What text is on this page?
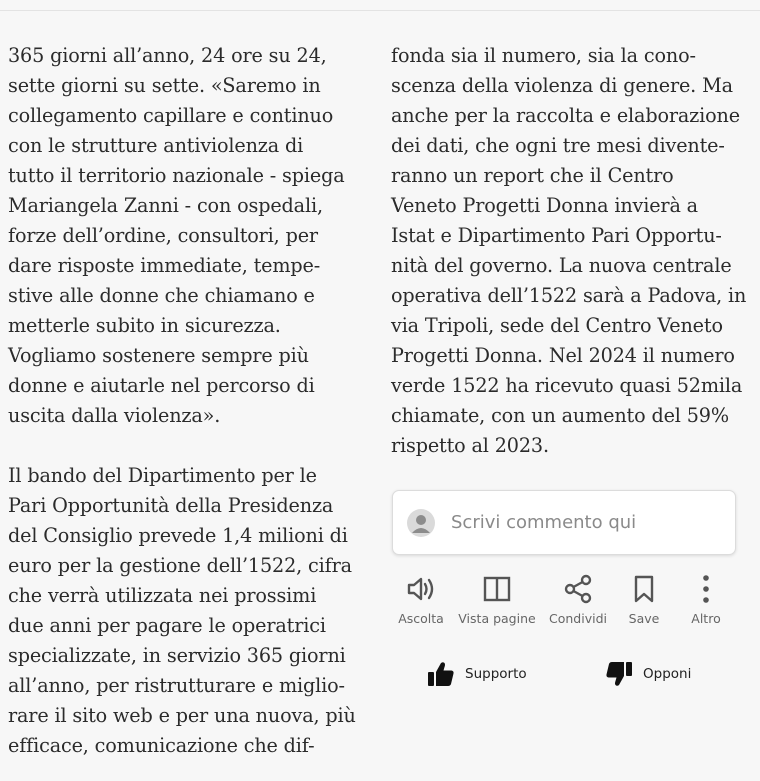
365 giorni all’anno, 24 ore su 24,
sette giorni su sette. «Saremo in
collegamento capillare e continuo
con le strutture antiviolenza di
tutto il territorio nazionale - spiega
Mariangela Zanni - con ospedali,
forze dell’ordine, consultori, per
dare risposte immediate, tempe-
stive alle donne che chiamano e
metterle subito in sicurezza.
Vogliamo sostenere sempre più
donne e aiutarle nel percorso di
uscita dalla violenza».
Il bando del Dipartimento per le
Pari Opportunità della Presidenza
del Consiglio prevede 1,4 milioni di
euro per la gestione dell’1522, cifra
che verrà utilizzata nei prossimi
due anni per pagare le operatrici
specializzate, in servizio 365 giorni
all’anno, per ristrutturare e miglio-
rare il sito web e per una nuova, più
efficace, comunicazione che dif-
fonda sia il numero, sia la cono-
scenza della violenza di genere. Ma
anche per la raccolta e elaborazione
dei dati, che ogni tre mesi divente-
ranno un report che il Centro
Veneto Progetti Donna invierà a
Istat e Dipartimento Pari Opportu-
nità del governo. La nuova centrale
operativa dell’1522 sarà a Padova, in
via Tripoli, sede del Centro Veneto
Progetti Donna. Nel 2024 il numero
verde 1522 ha ricevuto quasi 52mila
chiamate, con un aumento del 59%
rispetto al 2023.
Scrivi commento qui
Ascolta Vista pagine Condividi Save	Altro
Supporto	Opponi
